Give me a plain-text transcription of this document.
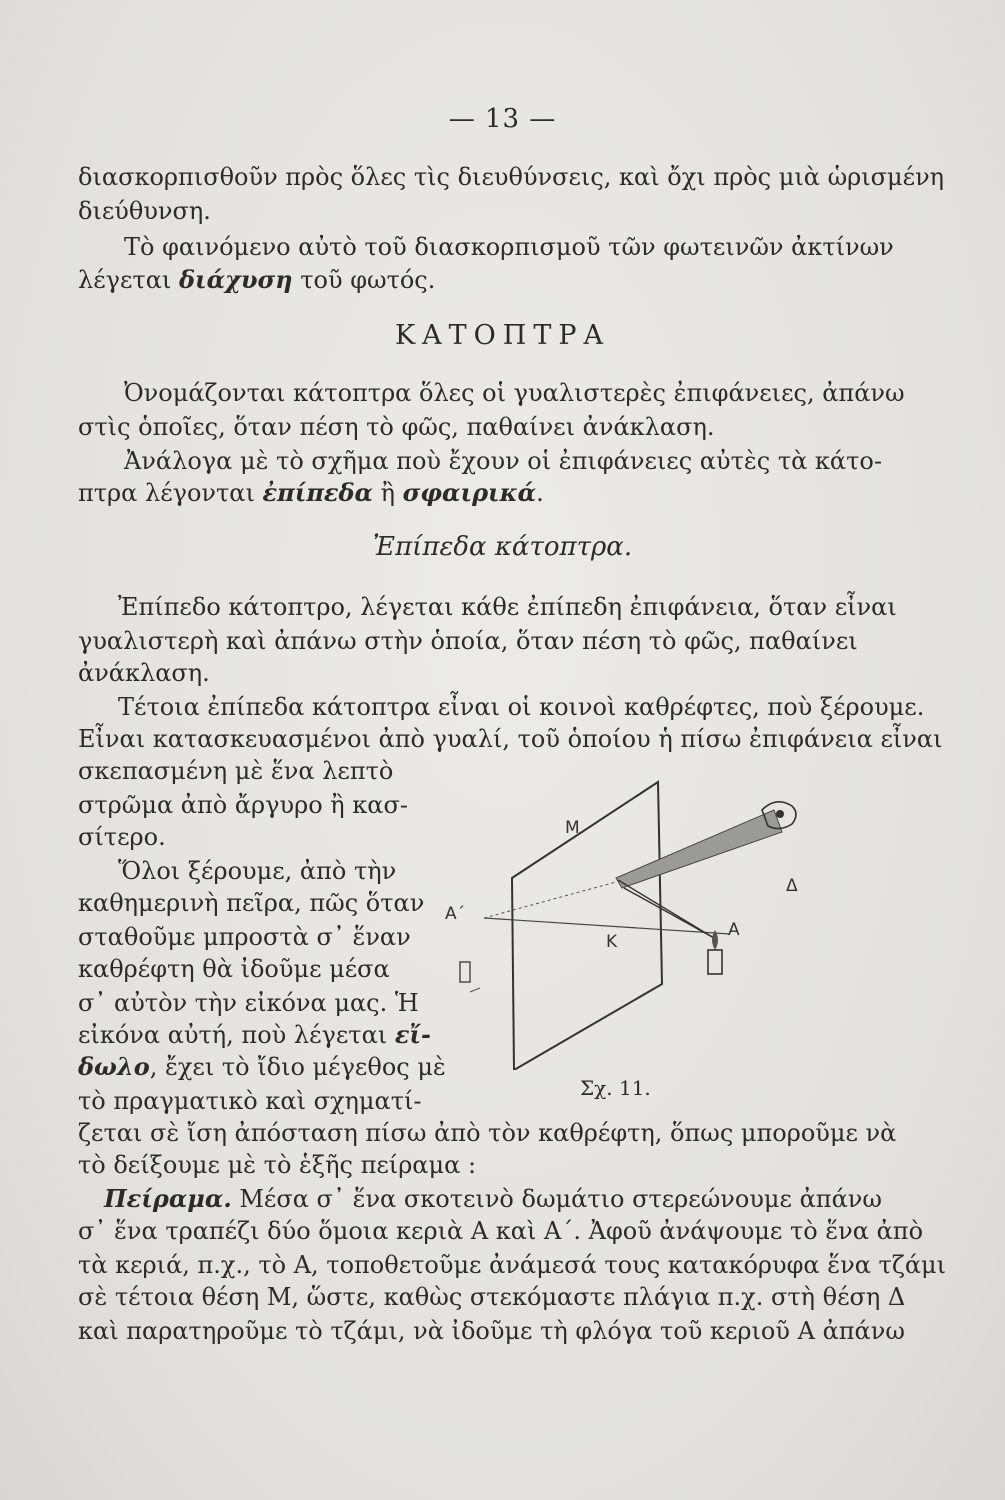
— 13 —
διασκορπισθοῦν πρὸς ὅλες τὶς διευθύνσεις, καὶ ὄχι πρὸς μιὰ ὡρισμένη
διεύθυνση.
Τὸ φαινόμενο αὐτὸ τοῦ διασκορπισμοῦ τῶν φωτεινῶν ἀκτίνων
λέγεται διάχυση τοῦ φωτός.
ΚΑΤΟΠΤΡΑ
Ὀνομάζονται κάτοπτρα ὅλες οἱ γυαλιστερὲς ἐπιφάνειες, ἀπάνω
στὶς ὁποῖες, ὅταν πέση τὸ φῶς, παθαίνει ἀνάκλαση.
Ἀνάλογα μὲ τὸ σχῆμα ποὺ ἔχουν οἱ ἐπιφάνειες αὐτὲς τὰ κάτο-
πτρα λέγονται ἐπίπεδα ἢ σφαιρικά.
Ἐπίπεδα κάτοπτρα.
Ἐπίπεδο κάτοπτρο, λέγεται κάθε ἐπίπεδη ἐπιφάνεια, ὅταν εἶναι
γυαλιστερὴ καὶ ἀπάνω στὴν ὁποία, ὅταν πέση τὸ φῶς, παθαίνει
ἀνάκλαση.
Τέτοια ἐπίπεδα κάτοπτρα εἶναι οἱ κοινοὶ καθρέφτες, ποὺ ξέρουμε.
Εἶναι κατασκευασμένοι ἀπὸ γυαλί, τοῦ ὁποίου ἡ πίσω ἐπιφάνεια εἶναι
σκεπασμένη μὲ ἕνα λεπτὸ
στρῶμα ἀπὸ ἄργυρο ἢ κασ-
σίτερο.
Ὅλοι ξέρουμε, ἀπὸ τὴν
καθημερινὴ πεῖρα, πῶς ὅταν
σταθοῦμε μπροστὰ σ᾽ ἕναν
καθρέφτη θὰ ἰδοῦμε μέσα
σ᾽ αὐτὸν τὴν εἰκόνα μας. Ἡ
εἰκόνα αὐτή, ποὺ λέγεται εἴ-
δωλο, ἔχει τὸ ἴδιο μέγεθος μὲ
τὸ πραγματικὸ καὶ σχηματί-
ζεται σὲ ἴση ἀπόσταση πίσω ἀπὸ τὸν καθρέφτη, ὅπως μποροῦμε νὰ
τὸ δείξουμε μὲ τὸ ἑξῆς πείραμα :
Πείραμα. Μέσα σ᾽ ἕνα σκοτεινὸ δωμάτιο στερεώνουμε ἀπάνω
σ᾽ ἕνα τραπέζι δύο ὅμοια κεριὰ Α καὶ Α΄. Ἀφοῦ ἀνάψουμε τὸ ἕνα ἀπὸ
τὰ κεριά, π.χ., τὸ Α, τοποθετοῦμε ἀνάμεσά τους κατακόρυφα ἕνα τζάμι
σὲ τέτοια θέση Μ, ὥστε, καθὼς στεκόμαστε πλάγια π.χ. στὴ θέση Δ
καὶ παρατηροῦμε τὸ τζάμι, νὰ ἰδοῦμε τὴ φλόγα τοῦ κεριοῦ Α ἀπάνω
Μ
Α΄
Κ
Α
Δ
Σχ. 11.
